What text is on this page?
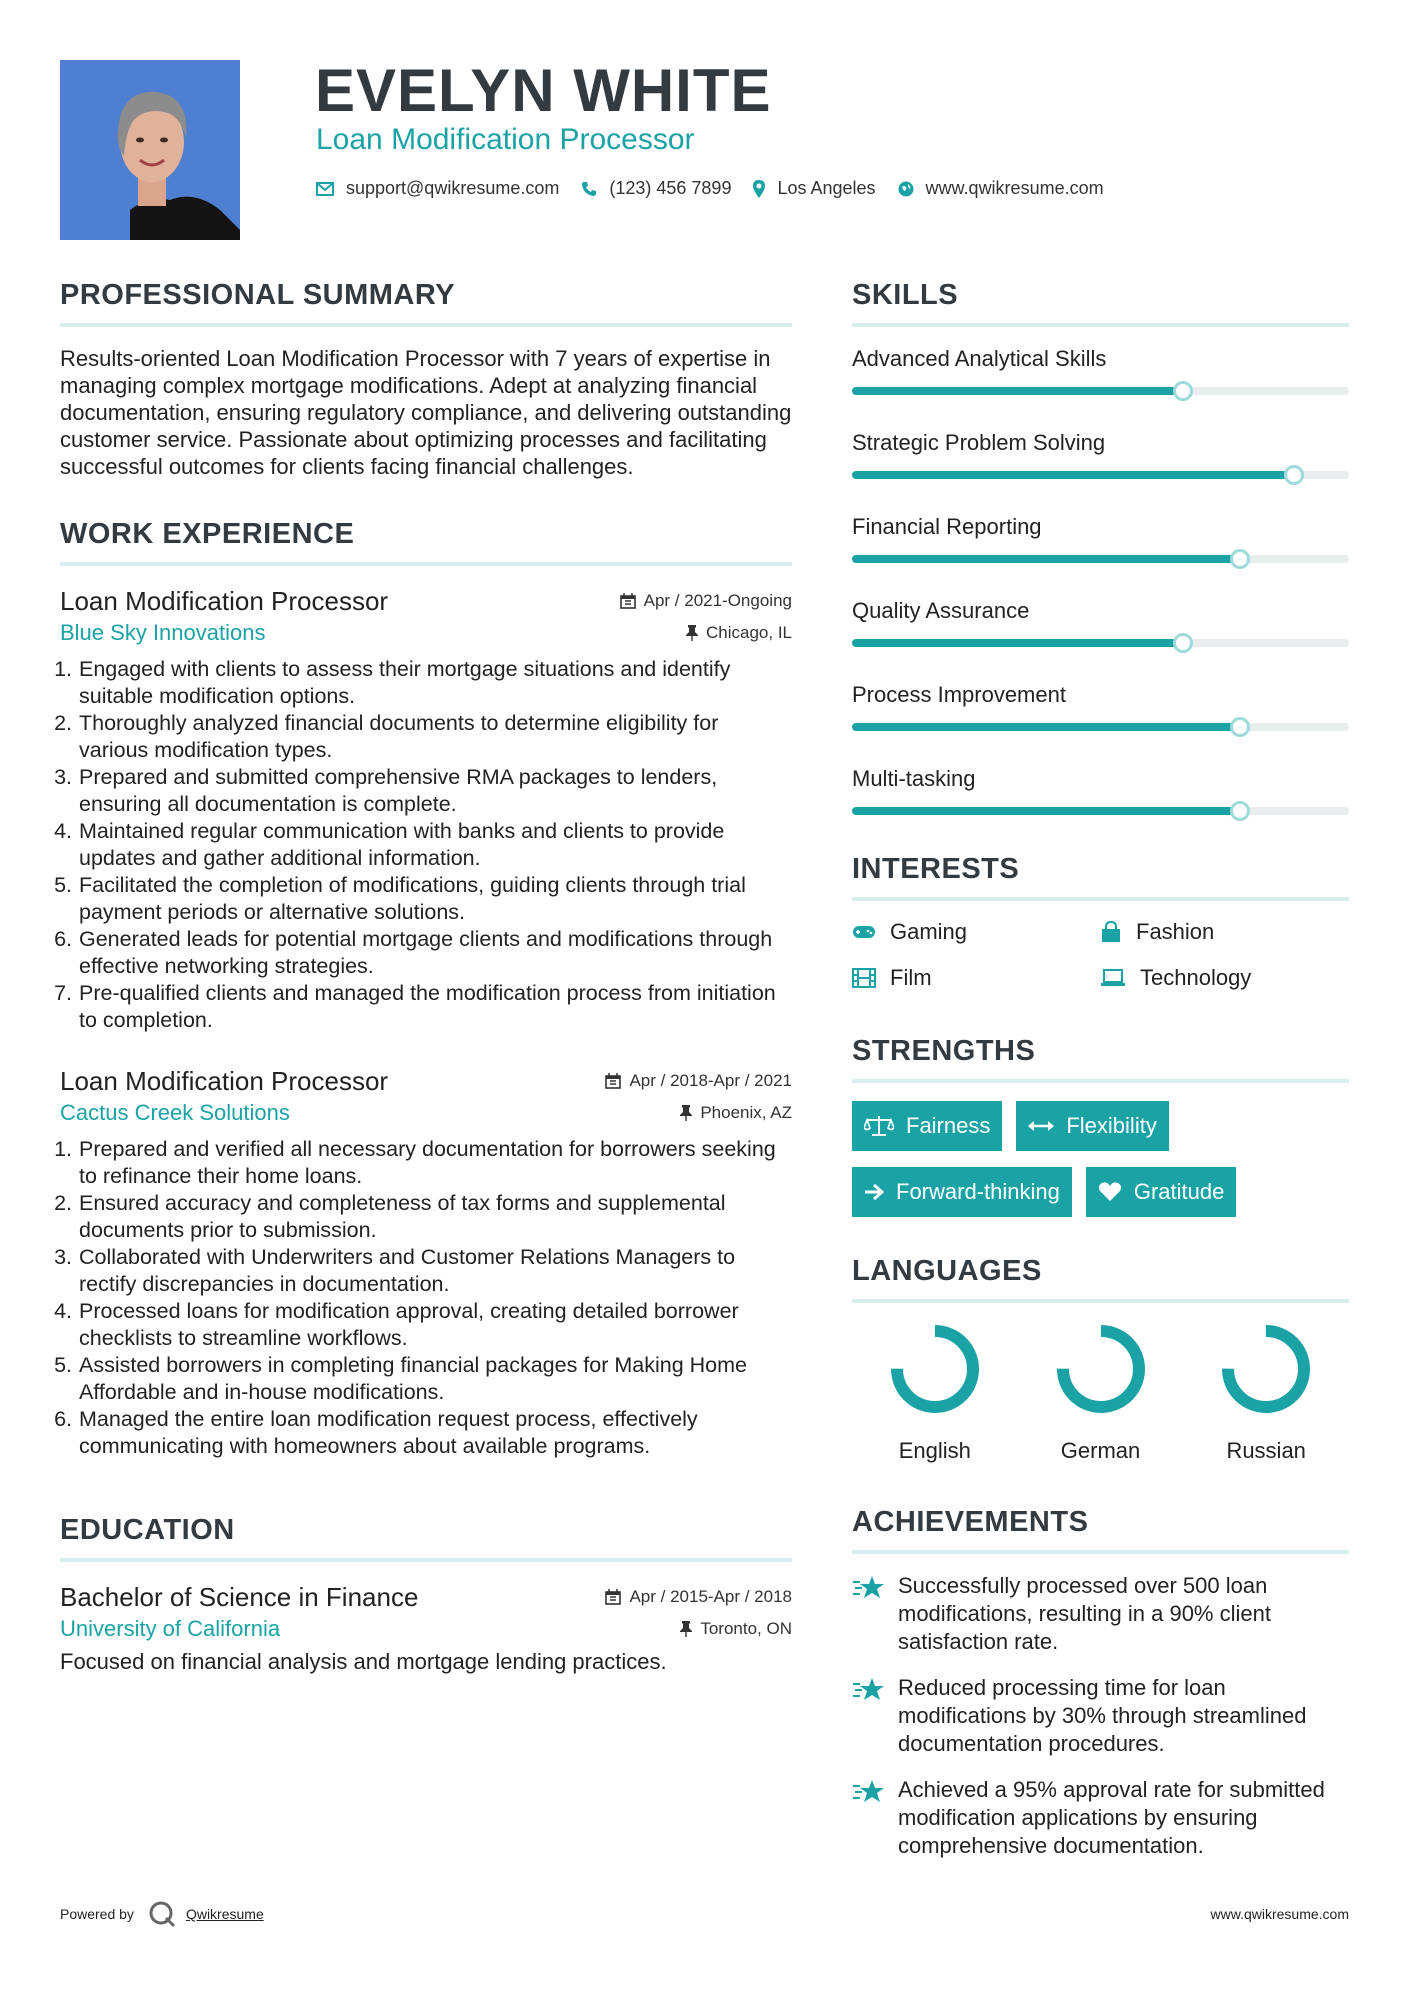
EVELYN WHITE
Loan Modification Processor
support@qwikresume.com	(123) 456 7899	Los Angeles	www.qwikresume.com
PROFESSIONAL SUMMARY
Results-oriented Loan Modification Processor with 7 years of expertise in managing complex mortgage modifications. Adept at analyzing financial documentation, ensuring regulatory compliance, and delivering outstanding customer service. Passionate about optimizing processes and facilitating successful outcomes for clients facing financial challenges.
WORK EXPERIENCE
Loan Modification Processor	Apr / 2021-Ongoing
Blue Sky Innovations	Chicago, IL
1. Engaged with clients to assess their mortgage situations and identify suitable modification options.
2. Thoroughly analyzed financial documents to determine eligibility for various modification types.
3. Prepared and submitted comprehensive RMA packages to lenders, ensuring all documentation is complete.
4. Maintained regular communication with banks and clients to provide updates and gather additional information.
5. Facilitated the completion of modifications, guiding clients through trial payment periods or alternative solutions.
6. Generated leads for potential mortgage clients and modifications through effective networking strategies.
7. Pre-qualified clients and managed the modification process from initiation to completion.
Loan Modification Processor	Apr / 2018-Apr / 2021
Cactus Creek Solutions	Phoenix, AZ
1. Prepared and verified all necessary documentation for borrowers seeking to refinance their home loans.
2. Ensured accuracy and completeness of tax forms and supplemental documents prior to submission.
3. Collaborated with Underwriters and Customer Relations Managers to rectify discrepancies in documentation.
4. Processed loans for modification approval, creating detailed borrower checklists to streamline workflows.
5. Assisted borrowers in completing financial packages for Making Home Affordable and in-house modifications.
6. Managed the entire loan modification request process, effectively communicating with homeowners about available programs.
EDUCATION
Bachelor of Science in Finance	Apr / 2015-Apr / 2018
University of California	Toronto, ON
Focused on financial analysis and mortgage lending practices.
SKILLS
Advanced Analytical Skills
Strategic Problem Solving
Financial Reporting
Quality Assurance
Process Improvement
Multi-tasking
INTERESTS
Gaming	Fashion
Film	Technology
STRENGTHS
Fairness	Flexibility
Forward-thinking	Gratitude
LANGUAGES
English	German	Russian
ACHIEVEMENTS
Successfully processed over 500 loan modifications, resulting in a 90% client satisfaction rate.
Reduced processing time for loan modifications by 30% through streamlined documentation procedures.
Achieved a 95% approval rate for submitted modification applications by ensuring comprehensive documentation.
Powered by	Qwikresume	www.qwikresume.com
